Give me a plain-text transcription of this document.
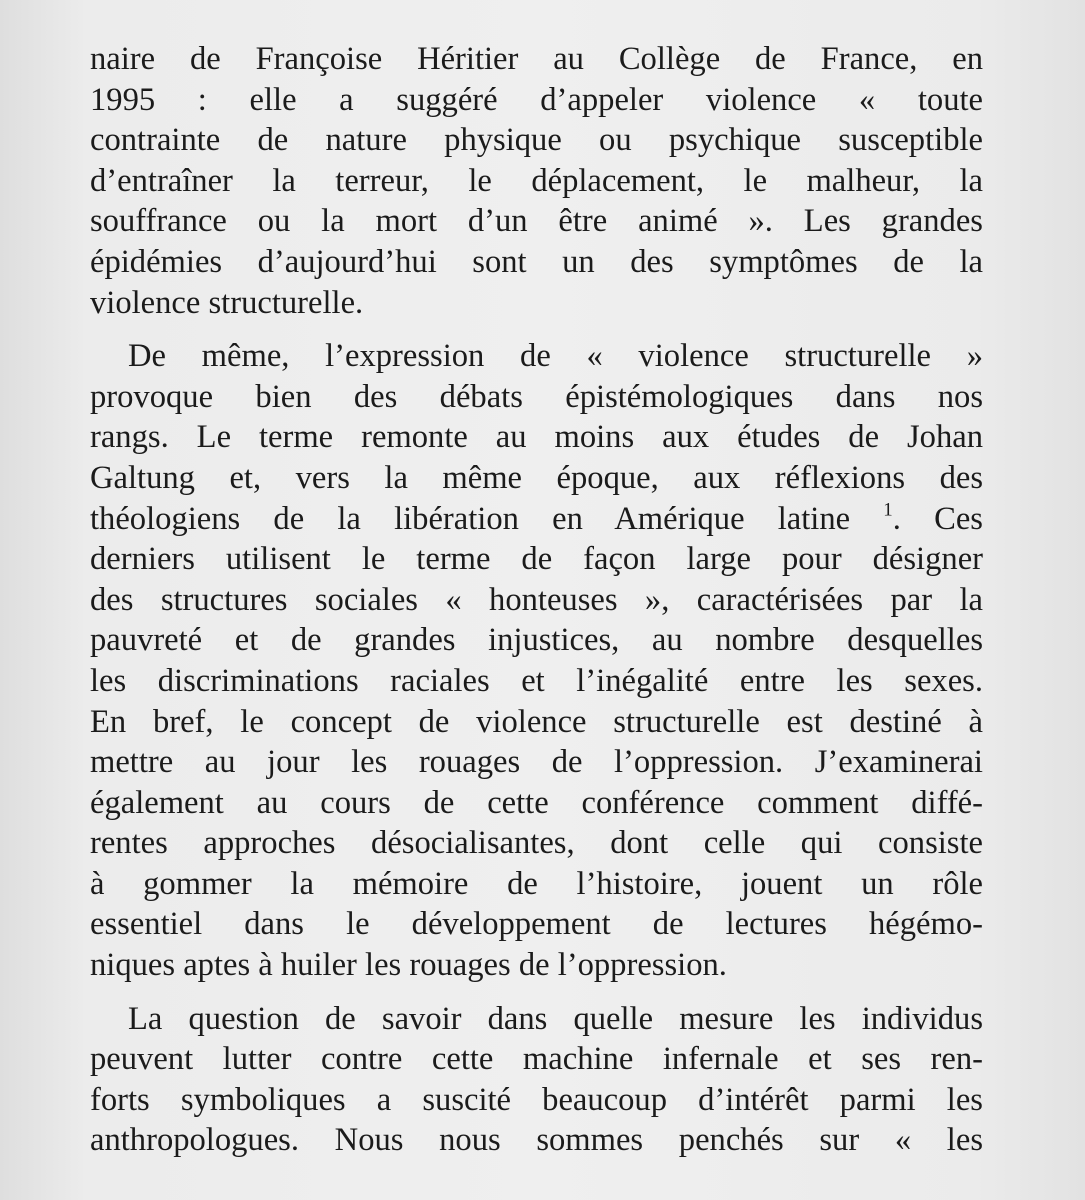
naire de Françoise Héritier au Collège de France, en
1995 : elle a suggéré d’appeler violence « toute
contrainte de nature physique ou psychique susceptible
d’entraîner la terreur, le déplacement, le malheur, la
souffrance ou la mort d’un être animé ». Les grandes
épidémies d’aujourd’hui sont un des symptômes de la
violence structurelle.
De même, l’expression de « violence structurelle »
provoque bien des débats épistémologiques dans nos
rangs. Le terme remonte au moins aux études de Johan
Galtung et, vers la même époque, aux réflexions des
théologiens de la libération en Amérique latine $^1$. Ces
derniers utilisent le terme de façon large pour désigner
des structures sociales « honteuses », caractérisées par la
pauvreté et de grandes injustices, au nombre desquelles
les discriminations raciales et l’inégalité entre les sexes.
En bref, le concept de violence structurelle est destiné à
mettre au jour les rouages de l’oppression. J’examinerai
également au cours de cette conférence comment diffé-
rentes approches désocialisantes, dont celle qui consiste
à gommer la mémoire de l’histoire, jouent un rôle
essentiel dans le développement de lectures hégémo-
niques aptes à huiler les rouages de l’oppression.
La question de savoir dans quelle mesure les individus
peuvent lutter contre cette machine infernale et ses ren-
forts symboliques a suscité beaucoup d’intérêt parmi les
anthropologues. Nous nous sommes penchés sur « les
